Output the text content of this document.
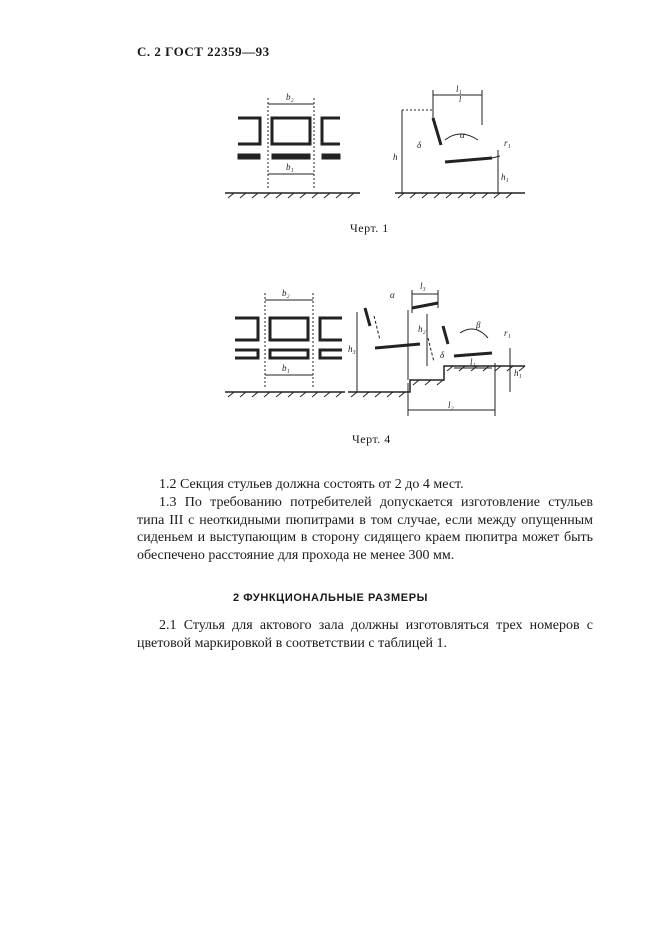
С. 2 ГОСТ 22359—93
b₂
b₁
l₁
l
h
h₁
r₁
α
δ
Черт. 1
b₂
b₁
l₃
l₁
l₂
h₃
h₁
h₂	r₁
α
β
δ
Черт. 4

1.2 Секция стульев должна состоять от 2 до 4 мест.

1.3 По требованию потребителей допускается изготовление стульев типа III с неоткидными пюпитрами в том случае, если между опущенным сиденьем и выступающим в сторону сидящего краем пюпитра может быть обеспечено расстояние для прохода не менее 300 мм.

2 ФУНКЦИОНАЛЬНЫЕ РАЗМЕРЫ

2.1 Стулья для актового зала должны изготовляться трех номеров с цветовой маркировкой в соответствии с таблицей 1.
